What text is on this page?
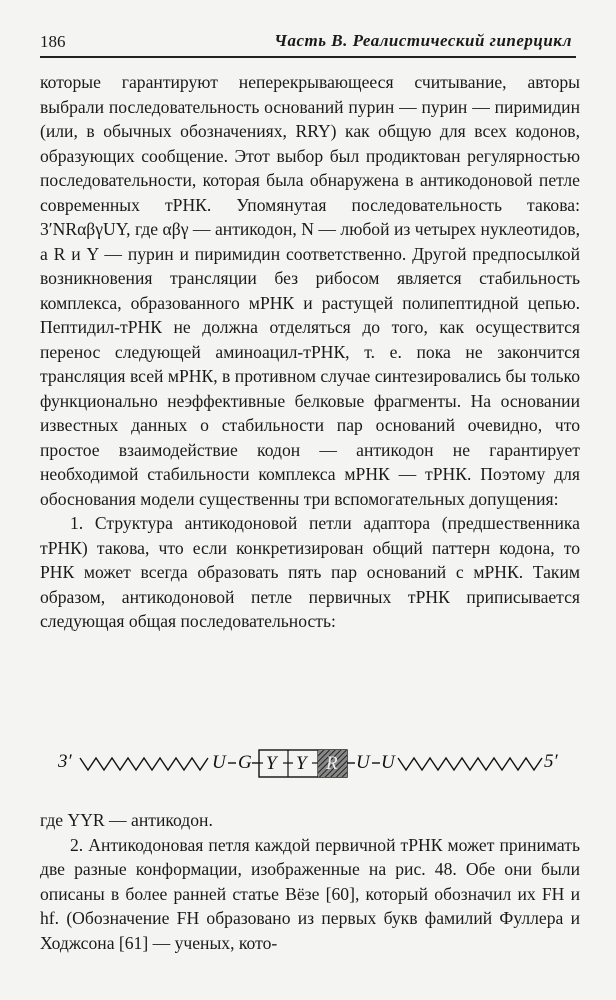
186	Часть В. Реалистический гиперцикл

которые гарантируют неперекрывающееся считывание, авторы выбрали последовательность оснований пурин — пурин — пиримидин (или, в обычных обозначениях, RRY) как общую для всех кодонов, образующих сообщение. Этот выбор был продиктован регулярностью последовательности, которая была обнаружена в антикодоновой петле современных тРНК. Упомянутая последовательность такова: 3′NRαβγUY, где αβγ — антикодон, N — любой из четырех нуклеотидов, а R и Y — пурин и пиримидин соответственно. Другой предпосылкой возникновения трансляции без рибосом является стабильность комплекса, образованного мРНК и растущей полипептидной цепью. Пептидил-тРНК не должна отделяться до того, как осуществится перенос следующей аминоацил-тРНК, т. е. пока не закончится трансляция всей мРНК, в противном случае синтезировались бы только функционально неэффективные белковые фрагменты. На основании известных данных о стабильности пар оснований очевидно, что простое взаимодействие кодон — антикодон не гарантирует необходимой стабильности комплекса мРНК — тРНК. Поэтому для обоснования модели существенны три вспомогательных допущения:

1. Структура антикодоновой петли адаптора (предшественника тРНК) такова, что если конкретизирован общий паттерн кодона, то РНК может всегда образовать пять пар оснований с мРНК. Таким образом, антикодоновой петле первичных тРНК приписывается следующая общая последовательность:

3′	U G Y Y R U U	5′

где YYR — антикодон.

2. Антикодоновая петля каждой первичной тРНК может принимать две разные конформации, изображенные на рис. 48. Обе они были описаны в более ранней статье Вёзе [60], который обозначил их FH и hf. (Обозначение FH образовано из первых букв фамилий Фуллера и Ходжсона [61] — ученых, кото-
